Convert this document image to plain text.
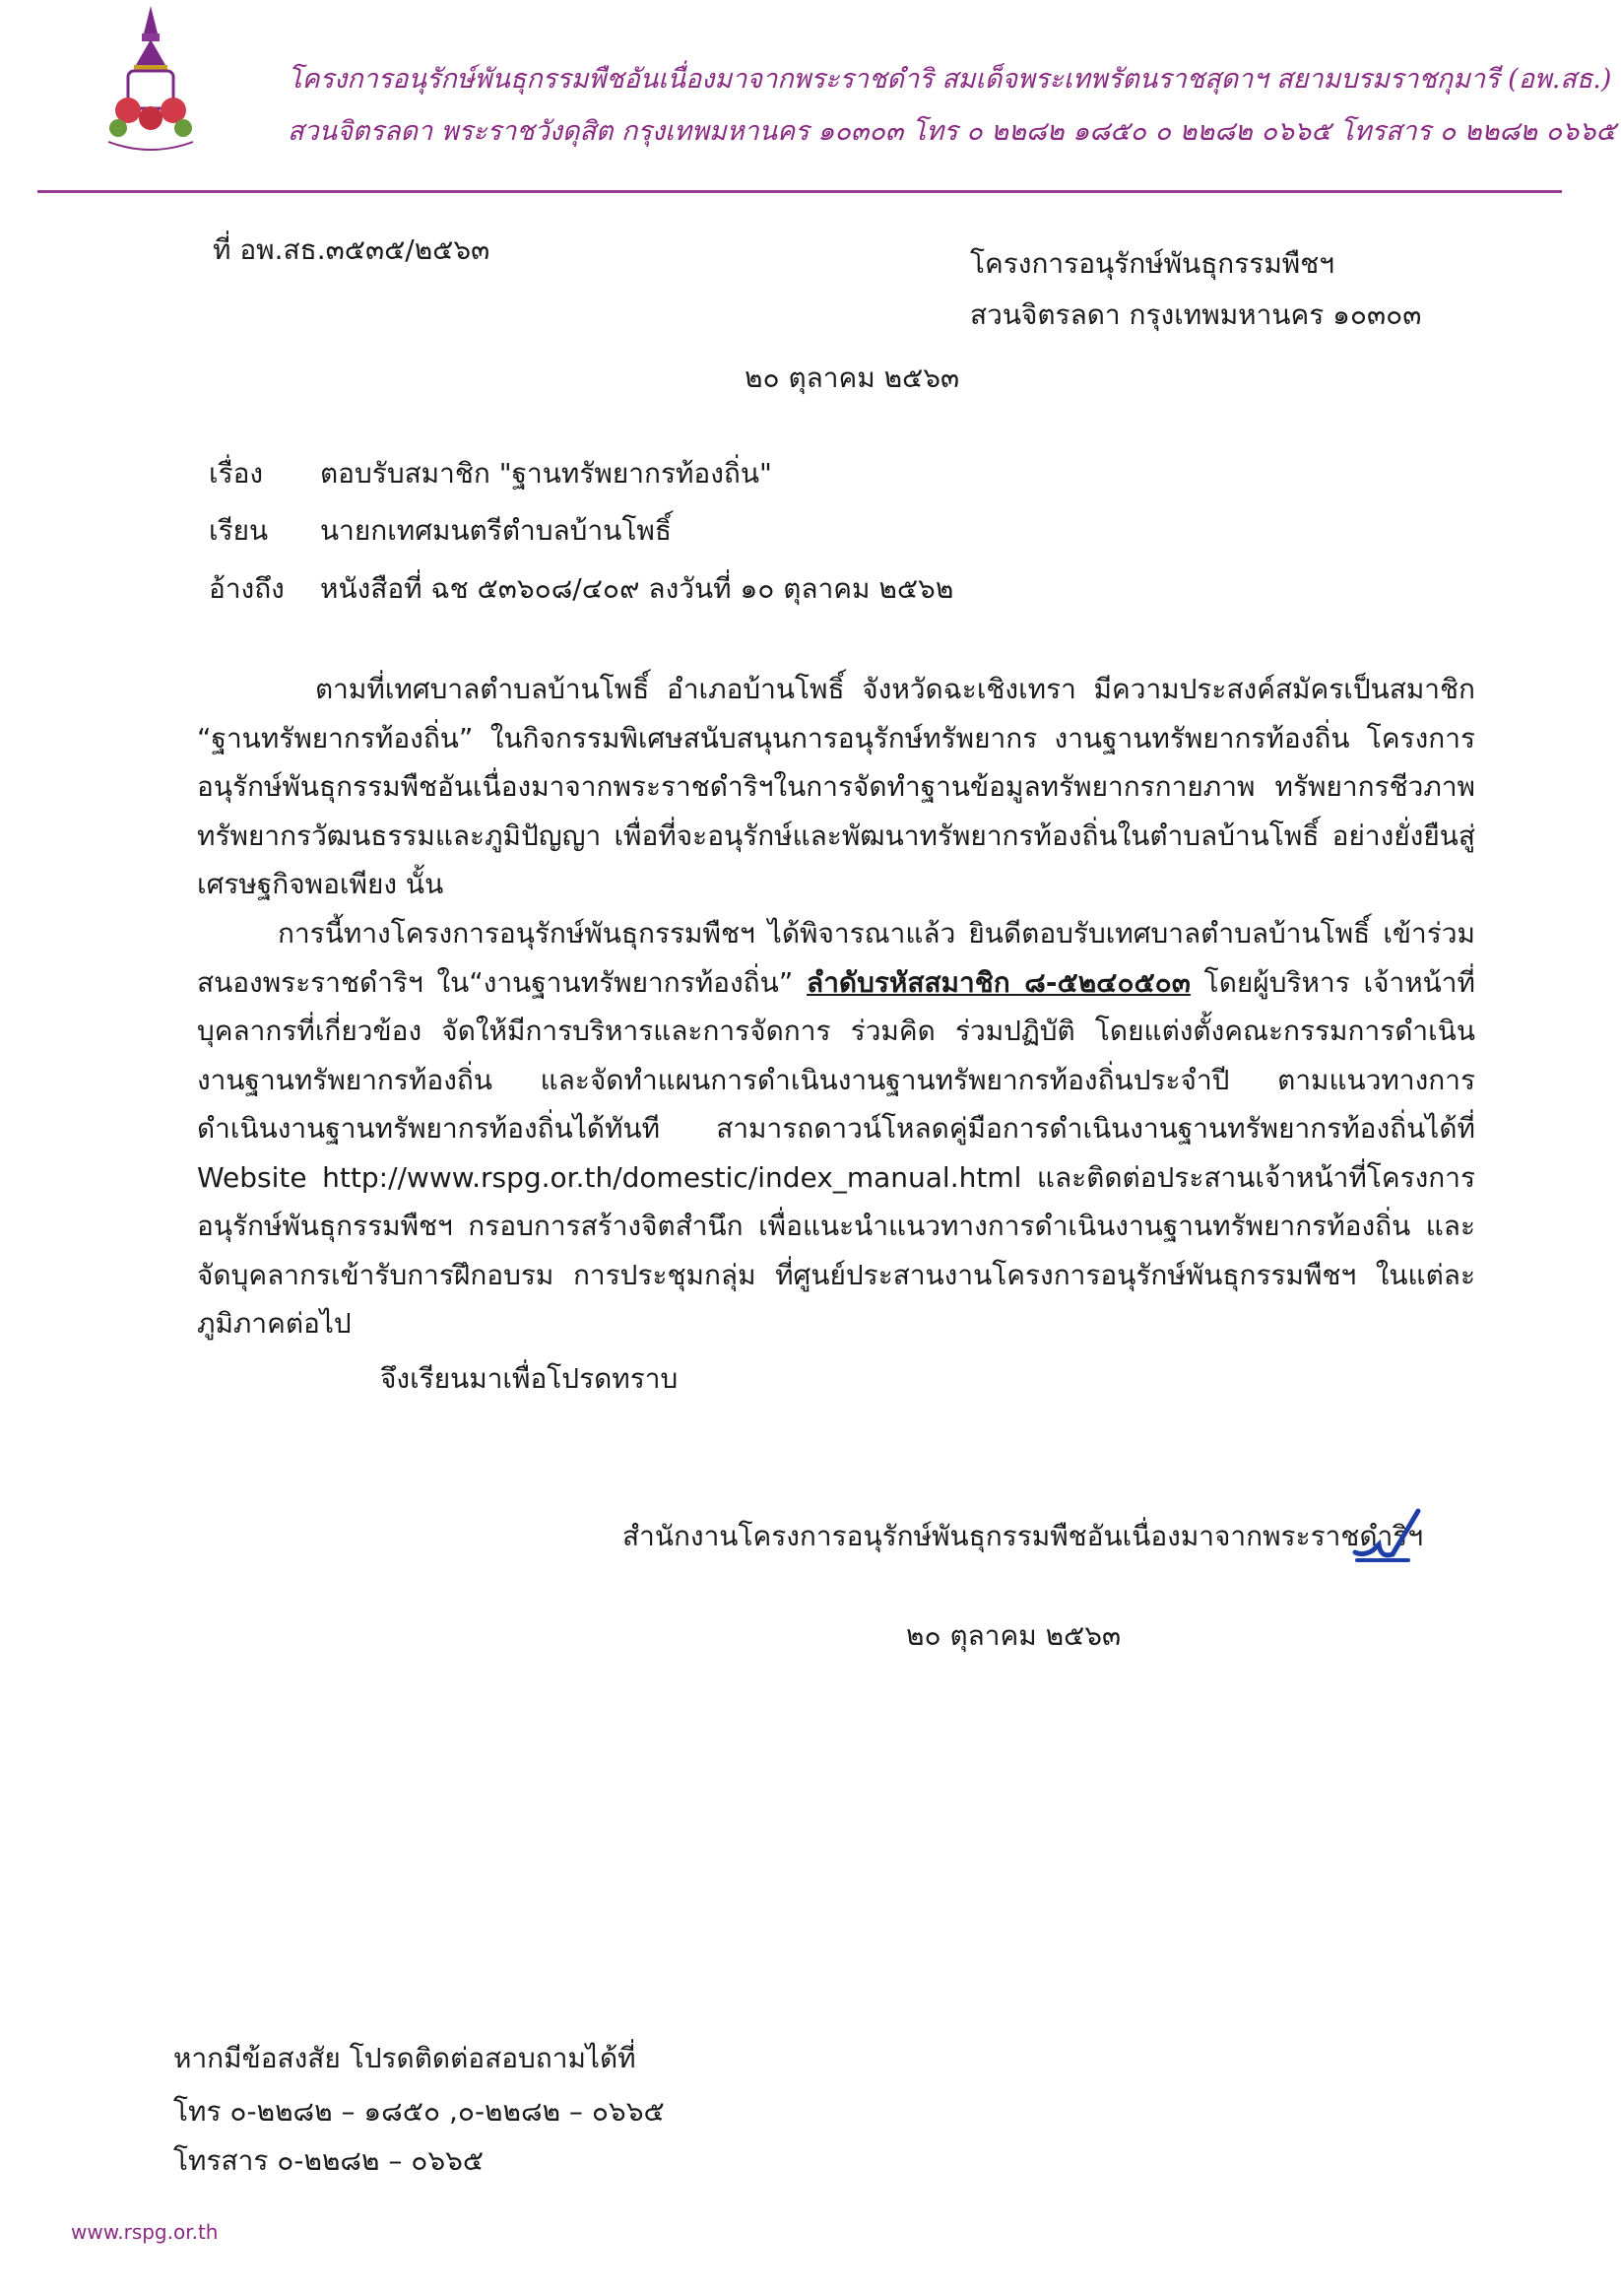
โครงการอนุรักษ์พันธุกรรมพืชอันเนื่องมาจากพระราชดำริ สมเด็จพระเทพรัตนราชสุดาฯ สยามบรมราชกุมารี (อพ.สธ.)
สวนจิตรลดา พระราชวังดุสิต กรุงเทพมหานคร ๑๐๓๐๓ โทร ๐ ๒๒๘๒ ๑๘๕๐ ๐ ๒๒๘๒ ๐๖๖๕ โทรสาร ๐ ๒๒๘๒ ๐๖๖๕
ที่ อพ.สธ.๓๕๓๕/๒๕๖๓	โครงการอนุรักษ์พันธุกรรมพืชฯ
สวนจิตรลดา กรุงเทพมหานคร ๑๐๓๐๓
๒๐ ตุลาคม ๒๕๖๓
เรื่อง ตอบรับสมาชิก "ฐานทรัพยากรท้องถิ่น"
เรียน นายกเทศมนตรีตำบลบ้านโพธิ์
อ้างถึง หนังสือที่ ฉช ๕๓๖๐๘/๔๐๙ ลงวันที่ ๑๐ ตุลาคม ๒๕๖๒
ตามที่เทศบาลตำบลบ้านโพธิ์ อำเภอบ้านโพธิ์ จังหวัดฉะเชิงเทรา มีความประสงค์สมัครเป็นสมาชิก “ฐานทรัพยากรท้องถิ่น” ในกิจกรรมพิเศษสนับสนุนการอนุรักษ์ทรัพยากร งานฐานทรัพยากรท้องถิ่น โครงการอนุรักษ์พันธุกรรมพืชอันเนื่องมาจากพระราชดำริฯในการจัดทำฐานข้อมูลทรัพยากรกายภาพ ทรัพยากรชีวภาพ ทรัพยากรวัฒนธรรมและภูมิปัญญา เพื่อที่จะอนุรักษ์และพัฒนาทรัพยากรท้องถิ่นในตำบลบ้านโพธิ์ อย่างยั่งยืนสู่เศรษฐกิจพอเพียง นั้น
การนี้ทางโครงการอนุรักษ์พันธุกรรมพืชฯ ได้พิจารณาแล้ว ยินดีตอบรับเทศบาลตำบลบ้านโพธิ์ เข้าร่วมสนองพระราชดำริฯ ใน“งานฐานทรัพยากรท้องถิ่น” ลำดับรหัสสมาชิก ๘-๕๒๔๐๕๐๓ โดยผู้บริหาร เจ้าหน้าที่บุคลากรที่เกี่ยวข้อง จัดให้มีการบริหารและการจัดการ ร่วมคิด ร่วมปฏิบัติ โดยแต่งตั้งคณะกรรมการดำเนินงานฐานทรัพยากรท้องถิ่น และจัดทำแผนการดำเนินงานฐานทรัพยากรท้องถิ่นประจำปี ตามแนวทางการดำเนินงานฐานทรัพยากรท้องถิ่นได้ทันที สามารถดาวน์โหลดคู่มือการดำเนินงานฐานทรัพยากรท้องถิ่นได้ที่ Website http://www.rspg.or.th/domestic/index_manual.html และติดต่อประสานเจ้าหน้าที่โครงการอนุรักษ์พันธุกรรมพืชฯ กรอบการสร้างจิตสำนึก เพื่อแนะนำแนวทางการดำเนินงานฐานทรัพยากรท้องถิ่น และจัดบุคลากรเข้ารับการฝึกอบรม การประชุมกลุ่ม ที่ศูนย์ประสานงานโครงการอนุรักษ์พันธุกรรมพืชฯ ในแต่ละภูมิภาคต่อไป
จึงเรียนมาเพื่อโปรดทราบ
สำนักงานโครงการอนุรักษ์พันธุกรรมพืชอันเนื่องมาจากพระราชดำริฯ
๒๐ ตุลาคม ๒๕๖๓
หากมีข้อสงสัย โปรดติดต่อสอบถามได้ที่
โทร ๐-๒๒๘๒ – ๑๘๕๐ ,๐-๒๒๘๒ – ๐๖๖๕
โทรสาร ๐-๒๒๘๒ – ๐๖๖๕
www.rspg.or.th
